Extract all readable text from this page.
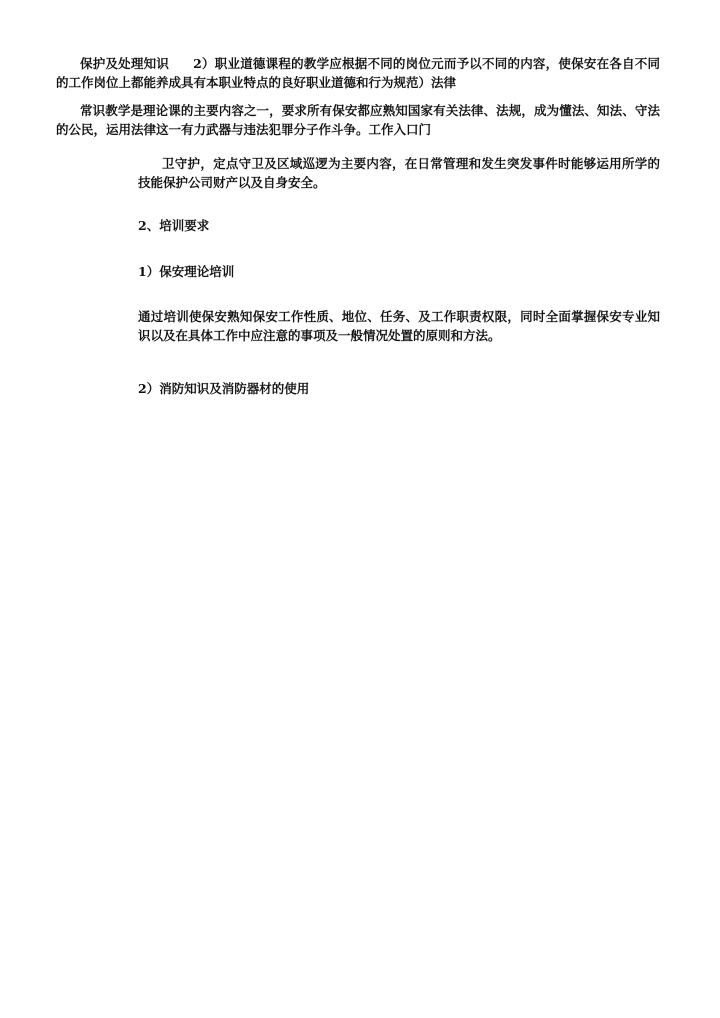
保护及处理知识 2）职业道德课程的教学应根据不同的岗位元而予以不同的内容，使保安在各自不同的工作岗位上都能养成具有本职业特点的良好职业道德和行为规范）法律

常识教学是理论课的主要内容之一，要求所有保安都应熟知国家有关法律、法规，成为懂法、知法、守法的公民，运用法律这一有力武器与违法犯罪分子作斗争。工作入口门

卫守护，定点守卫及区域巡逻为主要内容，在日常管理和发生突发事件时能够运用所学的技能保护公司财产以及自身安全。

2、培训要求

1）保安理论培训

通过培训使保安熟知保安工作性质、地位、任务、及工作职责权限，同时全面掌握保安专业知识以及在具体工作中应注意的事项及一般情况处置的原则和方法。

2）消防知识及消防器材的使用
